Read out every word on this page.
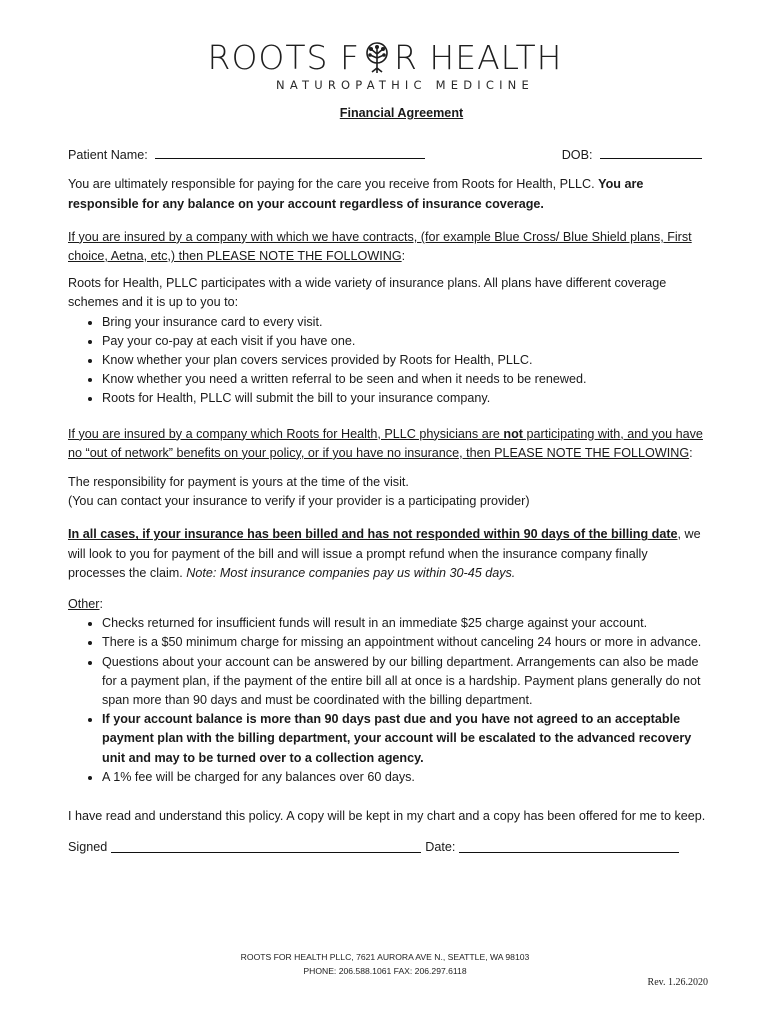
ROOTS F R HEALTH
NATUROPATHIC MEDICINE
Financial Agreement
Patient Name:	DOB:

You are ultimately responsible for paying for the care you receive from Roots for Health, PLLC. You are responsible for any balance on your account regardless of insurance coverage.

If you are insured by a company with which we have contracts, (for example Blue Cross/ Blue Shield plans, First choice, Aetna, etc,) then PLEASE NOTE THE FOLLOWING:

Roots for Health, PLLC participates with a wide variety of insurance plans. All plans have different coverage schemes and it is up to you to:

• Bring your insurance card to every visit.
• Pay your co-pay at each visit if you have one.
• Know whether your plan covers services provided by Roots for Health, PLLC.
• Know whether you need a written referral to be seen and when it needs to be renewed.
• Roots for Health, PLLC will submit the bill to your insurance company.

If you are insured by a company which Roots for Health, PLLC physicians are not participating with, and you have no “out of network” benefits on your policy, or if you have no insurance, then PLEASE NOTE THE FOLLOWING:

The responsibility for payment is yours at the time of the visit.

(You can contact your insurance to verify if your provider is a participating provider)

In all cases, if your insurance has been billed and has not responded within 90 days of the billing date, we will look to you for payment of the bill and will issue a prompt refund when the insurance company finally processes the claim. Note: Most insurance companies pay us within 30-45 days.

Other:

• Checks returned for insufficient funds will result in an immediate $25 charge against your account.
• There is a $50 minimum charge for missing an appointment without canceling 24 hours or more in advance.
• Questions about your account can be answered by our billing department. Arrangements can also be made for a payment plan, if the payment of the entire bill all at once is a hardship. Payment plans generally do not span more than 90 days and must be coordinated with the billing department.
• If your account balance is more than 90 days past due and you have not agreed to an acceptable payment plan with the billing department, your account will be escalated to the advanced recovery unit and may to be turned over to a collection agency.
• A 1% fee will be charged for any balances over 60 days.

I have read and understand this policy. A copy will be kept in my chart and a copy has been offered for me to keep.

Signed	Date:
ROOTS FOR HEALTH PLLC, 7621 AURORA AVE N., SEATTLE, WA 98103
PHONE: 206.588.1061 FAX: 206.297.6118
Rev. 1.26.2020
